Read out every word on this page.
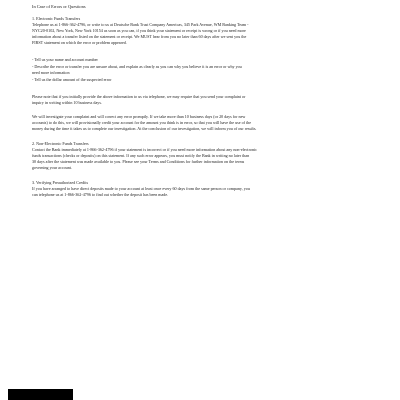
In Case of Errors or Questions

1. Electronic Funds Transfers

Telephone us at 1-866-362-4796, or write to us at Deutsche Bank Trust Company Americas, 345 Park Avenue, WM Banking Team -

NYC20-0102, New York, New York 10154 as soon as you can, if you think your statement or receipt is wrong or if you need more

information about a transfer listed on the statement or receipt. We MUST hear from you no later than 60 days after we sent you the

FIRST statement on which the error or problem appeared.

- Tell us your name and account number

- Describe the error or transfer you are unsure about, and explain as clearly as you can why you believe it is an error or why you

need more information

- Tell us the dollar amount of the suspected error

Please note that if you initially provide the above information to us via telephone, we may require that you send your complaint or

inquiry in writing within 10 business days.

We will investigate your complaint and will correct any error promptly. If we take more than 10 business days (or 20 days for new

accounts) to do this, we will provisionally credit your account for the amount you think is in error, so that you will have the use of the

money during the time it takes us to complete our investigation. At the conclusion of our investigation, we will inform you of our results.

2. Non-Electronic Funds Transfers

Contact the Bank immediately at 1-866-362-4796 if your statement is incorrect or if you need more information about any non-electronic

funds transactions (checks or deposits) on this statement. If any such error appears, you must notify the Bank in writing no later than

30 days after the statement was made available to you. Please see your Terms and Conditions for further information on the terms

governing your account.

3. Verifying Preauthorized Credits

If you have arranged to have direct deposits made to your account at least once every 60 days from the same person or company, you

can telephone us at 1-866-362-4796 to find out whether the deposit has been made.
